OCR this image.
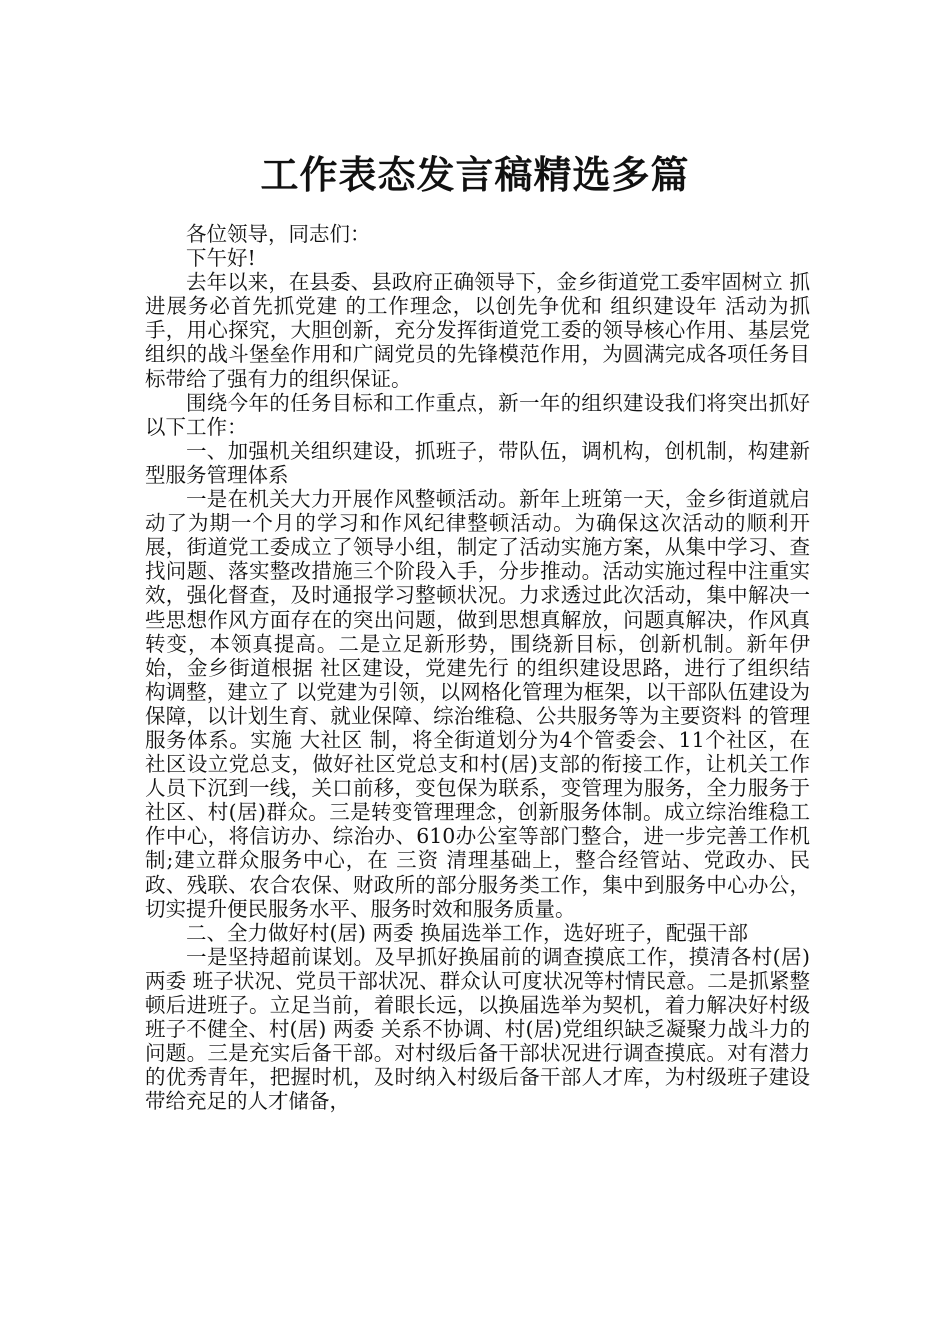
工作表态发言稿精选多篇

各位领导，同志们：

下午好!

去年以来，在县委、县政府正确领导下，金乡街道党工委牢固树立 抓进展务必首先抓党建 的工作理念，以创先争优和 组织建设年 活动为抓手，用心探究，大胆创新，充分发挥街道党工委的领导核心作用、基层党组织的战斗堡垒作用和广阔党员的先锋模范作用，为圆满完成各项任务目标带给了强有力的组织保证。

围绕今年的任务目标和工作重点，新一年的组织建设我们将突出抓好以下工作：

一、加强机关组织建设，抓班子，带队伍，调机构，创机制，构建新型服务管理体系

一是在机关大力开展作风整顿活动。新年上班第一天，金乡街道就启动了为期一个月的学习和作风纪律整顿活动。为确保这次活动的顺利开展，街道党工委成立了领导小组，制定了活动实施方案，从集中学习、查找问题、落实整改措施三个阶段入手，分步推动。活动实施过程中注重实效，强化督查，及时通报学习整顿状况。力求透过此次活动，集中解决一些思想作风方面存在的突出问题，做到思想真解放，问题真解决，作风真转变，本领真提高。二是立足新形势，围绕新目标，创新机制。新年伊始，金乡街道根据 社区建设，党建先行 的组织建设思路，进行了组织结构调整，建立了 以党建为引领，以网格化管理为框架，以干部队伍建设为保障，以计划生育、就业保障、综治维稳、公共服务等为主要资料 的管理服务体系。实施 大社区 制，将全街道划分为4个管委会、11个社区，在社区设立党总支，做好社区党总支和村(居)支部的衔接工作，让机关工作人员下沉到一线，关口前移，变包保为联系，变管理为服务，全力服务于社区、村(居)群众。三是转变管理理念，创新服务体制。成立综治维稳工作中心，将信访办、综治办、610办公室等部门整合，进一步完善工作机制;建立群众服务中心，在 三资 清理基础上，整合经管站、党政办、民政、残联、农合农保、财政所的部分服务类工作，集中到服务中心办公，切实提升便民服务水平、服务时效和服务质量。

二、全力做好村(居) 两委 换届选举工作，选好班子，配强干部

一是坚持超前谋划。及早抓好换届前的调查摸底工作，摸清各村(居) 两委 班子状况、党员干部状况、群众认可度状况等村情民意。二是抓紧整顿后进班子。立足当前，着眼长远，以换届选举为契机，着力解决好村级班子不健全、村(居) 两委 关系不协调、村(居)党组织缺乏凝聚力战斗力的问题。三是充实后备干部。对村级后备干部状况进行调查摸底。对有潜力的优秀青年，把握时机，及时纳入村级后备干部人才库，为村级班子建设带给充足的人才储备，
